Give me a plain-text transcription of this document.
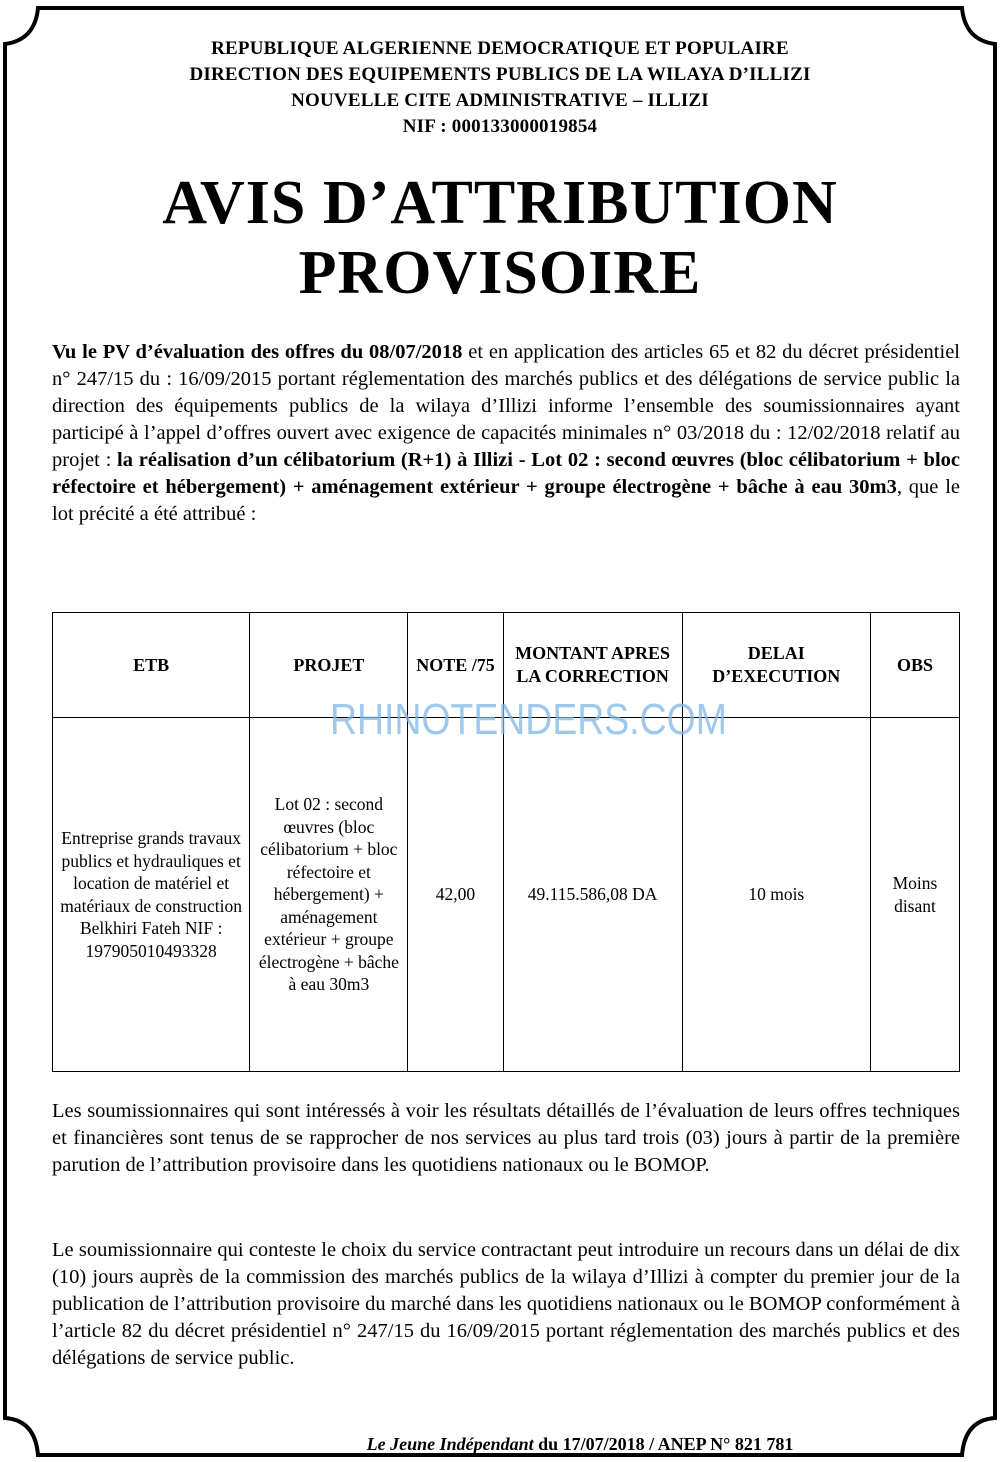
REPUBLIQUE ALGERIENNE DEMOCRATIQUE ET POPULAIRE
DIRECTION DES EQUIPEMENTS PUBLICS DE LA WILAYA D’ILLIZI
NOUVELLE CITE ADMINISTRATIVE – ILLIZI
NIF : 000133000019854
AVIS D’ATTRIBUTION
PROVISOIRE
Vu le PV d’évaluation des offres du 08/07/2018 et en application des articles 65 et 82 du décret présidentiel n° 247/15 du : 16/09/2015 portant réglementation des marchés publics et des délégations de service public la direction des équipements publics de la wilaya d’Illizi informe l’ensemble des soumissionnaires ayant participé à l’appel d’offres ouvert avec exigence de capacités minimales n° 03/2018 du : 12/02/2018 relatif au projet : la réalisation d’un célibatorium (R+1) à Illizi - Lot 02 : second œuvres (bloc célibatorium + bloc réfectoire et hébergement) + aménagement extérieur + groupe électrogène + bâche à eau 30m3, que le lot précité a été attribué :
ETB	PROJET	NOTE /75	MONTANT APRES LA CORRECTION	DELAI D’EXECUTION	OBS
Entreprise grands travaux publics et hydrauliques et location de matériel et matériaux de construction Belkhiri Fateh NIF : 197905010493328	Lot 02 : second œuvres (bloc célibatorium + bloc réfectoire et hébergement) + aménagement extérieur + groupe électrogène + bâche à eau 30m3	42,00	49.115.586,08 DA	10 mois	Moins disant
RHINOTENDERS.COM
Les soumissionnaires qui sont intéressés à voir les résultats détaillés de l’évaluation de leurs offres techniques et financières sont tenus de se rapprocher de nos services au plus tard trois (03) jours à partir de la première parution de l’attribution provisoire dans les quotidiens nationaux ou le BOMOP.
Le soumissionnaire qui conteste le choix du service contractant peut introduire un recours dans un délai de dix (10) jours auprès de la commission des marchés publics de la wilaya d’Illizi à compter du premier jour de la publication de l’attribution provisoire du marché dans les quotidiens nationaux ou le BOMOP conformément à l’article 82 du décret présidentiel n° 247/15 du 16/09/2015 portant réglementation des marchés publics et des délégations de service public.
Le Jeune Indépendant du 17/07/2018 / ANEP N° 821 781
